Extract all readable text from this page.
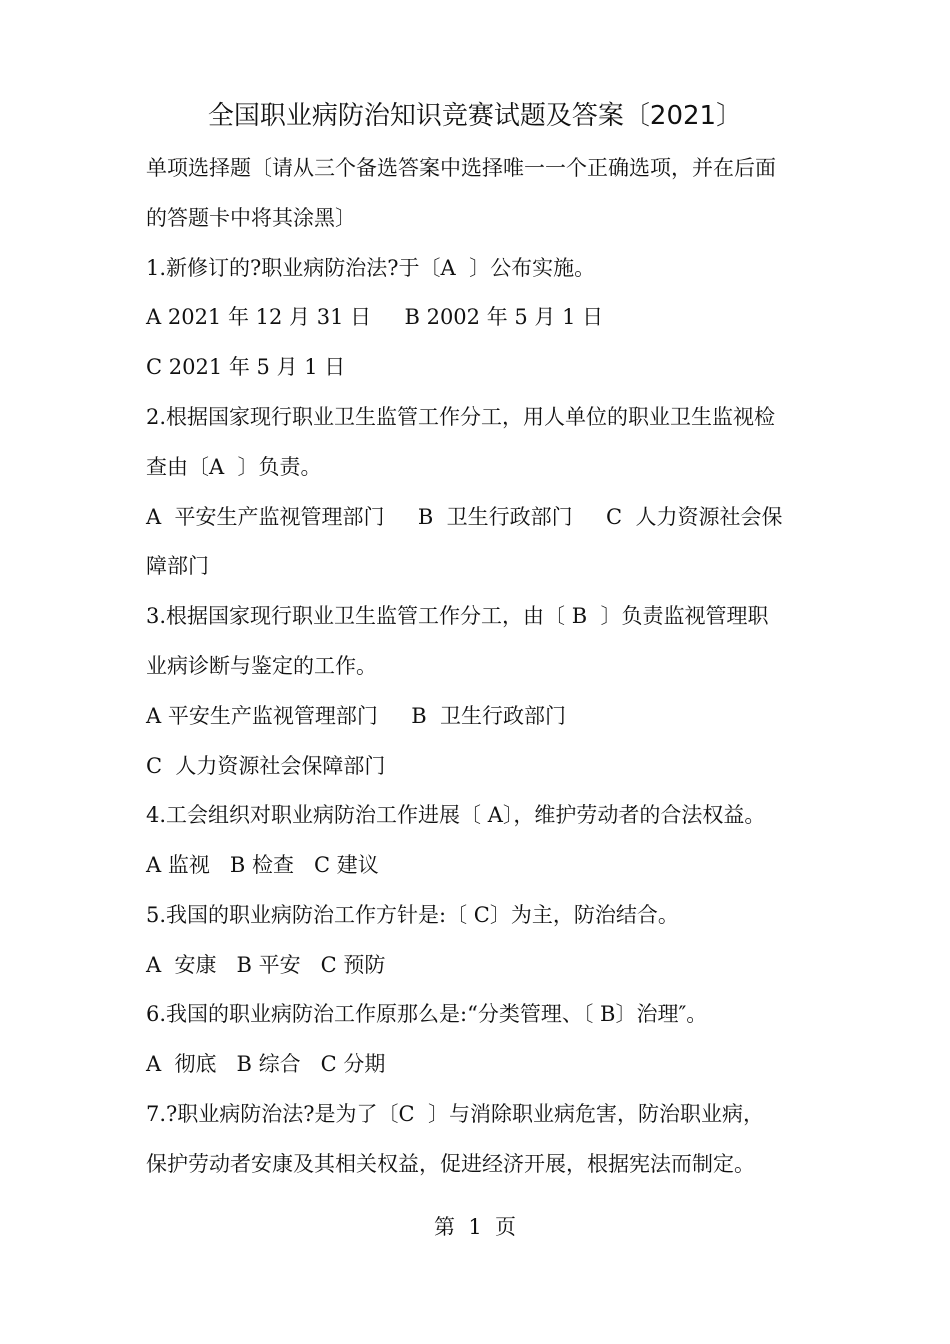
全国职业病防治知识竞赛试题及答案〔2021〕
单项选择题〔请从三个备选答案中选择唯一一个正确选项，并在后面
的答题卡中将其涂黑〕
1.新修订的?职业病防治法?于〔A  〕公布实施。
A 2021 年 12 月 31 日     B 2002 年 5 月 1 日
C 2021 年 5 月 1 日
2.根据国家现行职业卫生监管工作分工，用人单位的职业卫生监视检
查由〔A  〕负责。
A  平安生产监视管理部门     B  卫生行政部门     C  人力资源社会保
障部门
3.根据国家现行职业卫生监管工作分工，由〔 B  〕负责监视管理职
业病诊断与鉴定的工作。
A 平安生产监视管理部门     B  卫生行政部门
C  人力资源社会保障部门
4.工会组织对职业病防治工作进展〔 A〕，维护劳动者的合法权益。
A 监视   B 检查   C 建议
5.我国的职业病防治工作方针是:〔 C〕为主，防治结合。
A  安康   B 平安   C 预防
6.我国的职业病防治工作原那么是:“分类管理、〔 B〕治理″。
A  彻底   B 综合   C 分期
7.?职业病防治法?是为了〔C  〕与消除职业病危害，防治职业病，
保护劳动者安康及其相关权益，促进经济开展，根据宪法而制定。
第  1  页
